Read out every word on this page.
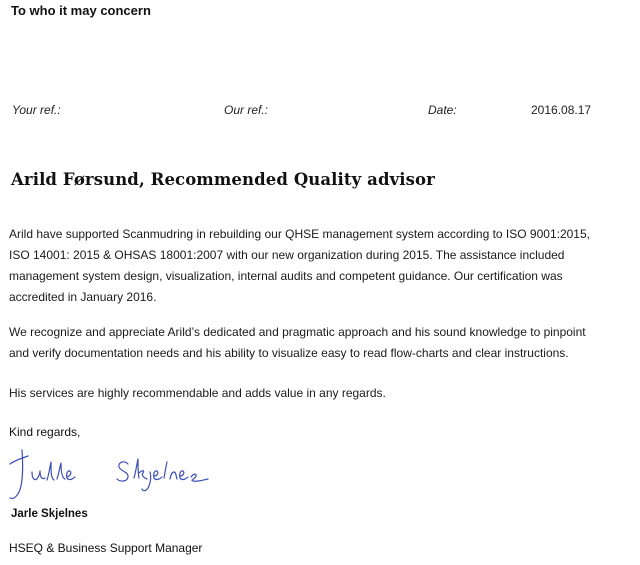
To who it may concern
Your ref.:	Our ref.:	Date:	2016.08.17
Arild Førsund, Recommended Quality advisor
Arild have supported Scanmudring in rebuilding our QHSE management system according to ISO 9001:2015,
ISO 14001: 2015 & OHSAS 18001:2007 with our new organization during 2015. The assistance included
management system design, visualization, internal audits and competent guidance. Our certification was
accredited in January 2016.
We recognize and appreciate Arild’s dedicated and pragmatic approach and his sound knowledge to pinpoint
and verify documentation needs and his ability to visualize easy to read flow-charts and clear instructions.
His services are highly recommendable and adds value in any regards.
Kind regards,
Jarle Skjelnes
HSEQ & Business Support Manager
